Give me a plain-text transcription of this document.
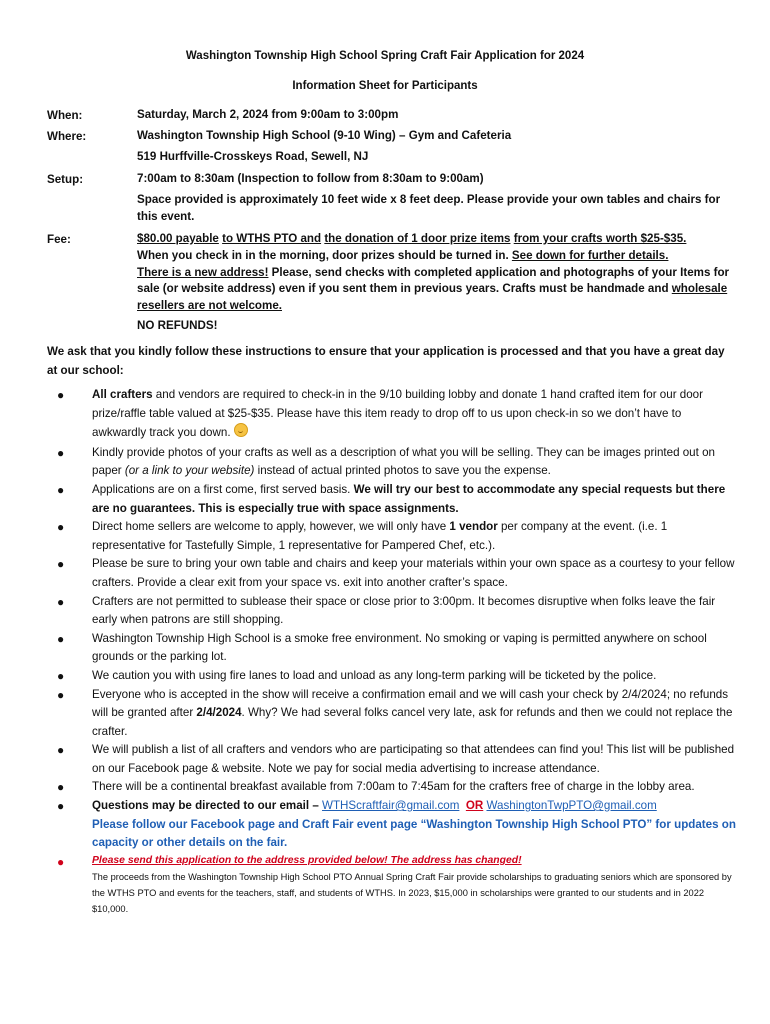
Washington Township High School Spring Craft Fair Application for 2024
Information Sheet for Participants
When:	Saturday, March 2, 2024 from 9:00am to 3:00pm
Where:	Washington Township High School (9-10 Wing) – Gym and Cafeteria
519 Hurffville-Crosskeys Road, Sewell, NJ
Setup:	7:00am to 8:30am (Inspection to follow from 8:30am to 9:00am)
Space provided is approximately 10 feet wide x 8 feet deep. Please provide your own tables and chairs for this event.
Fee:	$80.00 payable to WTHS PTO and the donation of 1 door prize items from your crafts worth $25-$35.
When you check in in the morning, door prizes should be turned in. See down for further details.
There is a new address! Please, send checks with completed application and photographs of your Items for sale (or website address) even if you sent them in previous years. Crafts must be handmade and wholesale resellers are not welcome.
NO REFUNDS!
We ask that you kindly follow these instructions to ensure that your application is processed and that you have a great day at our school:
● All crafters and vendors are required to check-in in the 9/10 building lobby and donate 1 hand crafted item for our door prize/raffle table valued at $25-$35. Please have this item ready to drop off to us upon check-in so we don’t have to awkwardly track you down.
● Kindly provide photos of your crafts as well as a description of what you will be selling. They can be images printed out on paper (or a link to your website) instead of actual printed photos to save you the expense.
● Applications are on a first come, first served basis. We will try our best to accommodate any special requests but there are no guarantees. This is especially true with space assignments.
● Direct home sellers are welcome to apply, however, we will only have 1 vendor per company at the event. (i.e. 1 representative for Tastefully Simple, 1 representative for Pampered Chef, etc.).
● Please be sure to bring your own table and chairs and keep your materials within your own space as a courtesy to your fellow crafters. Provide a clear exit from your space vs. exit into another crafter’s space.
● Crafters are not permitted to sublease their space or close prior to 3:00pm. It becomes disruptive when folks leave the fair early when patrons are still shopping.
● Washington Township High School is a smoke free environment. No smoking or vaping is permitted anywhere on school grounds or the parking lot.
● We caution you with using fire lanes to load and unload as any long-term parking will be ticketed by the police.
● Everyone who is accepted in the show will receive a confirmation email and we will cash your check by 2/4/2024; no refunds will be granted after 2/4/2024. Why? We had several folks cancel very late, ask for refunds and then we could not replace the crafter.
● We will publish a list of all crafters and vendors who are participating so that attendees can find you! This list will be published on our Facebook page & website. Note we pay for social media advertising to increase attendance.
● There will be a continental breakfast available from 7:00am to 7:45am for the crafters free of charge in the lobby area.
● Questions may be directed to our email – WTHScraftfair@gmail.com OR WashingtonTwpPTO@gmail.com
Please follow our Facebook page and Craft Fair event page “Washington Township High School PTO” for updates on capacity or other details on the fair.
●	Please send this application to the address provided below! The address has changed!
The proceeds from the Washington Township High School PTO Annual Spring Craft Fair provide scholarships to graduating seniors which are sponsored by the WTHS PTO and events for the teachers, staff, and students of WTHS. In 2023, $15,000 in scholarships were granted to our students and in 2022 $10,000.
